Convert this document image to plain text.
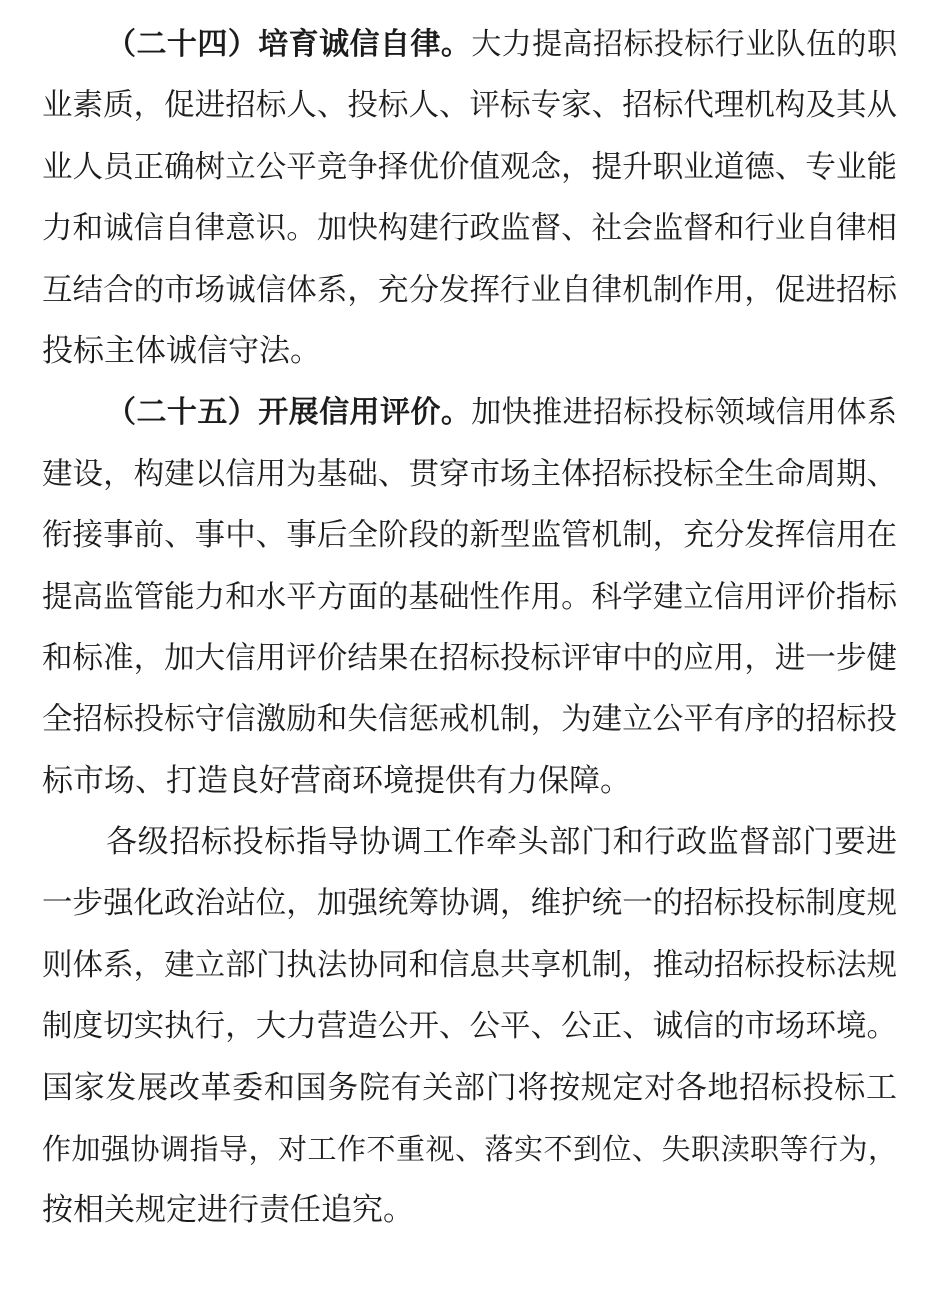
（二十四）培育诚信自律。大力提高招标投标行业队伍的职
业素质，促进招标人、投标人、评标专家、招标代理机构及其从
业人员正确树立公平竞争择优价值观念，提升职业道德、专业能
力和诚信自律意识。加快构建行政监督、社会监督和行业自律相
互结合的市场诚信体系，充分发挥行业自律机制作用，促进招标
投标主体诚信守法。
（二十五）开展信用评价。加快推进招标投标领域信用体系
建设，构建以信用为基础、贯穿市场主体招标投标全生命周期、
衔接事前、事中、事后全阶段的新型监管机制，充分发挥信用在
提高监管能力和水平方面的基础性作用。科学建立信用评价指标
和标准，加大信用评价结果在招标投标评审中的应用，进一步健
全招标投标守信激励和失信惩戒机制，为建立公平有序的招标投
标市场、打造良好营商环境提供有力保障。
各级招标投标指导协调工作牵头部门和行政监督部门要进
一步强化政治站位，加强统筹协调，维护统一的招标投标制度规
则体系，建立部门执法协同和信息共享机制，推动招标投标法规
制度切实执行，大力营造公开、公平、公正、诚信的市场环境。
国家发展改革委和国务院有关部门将按规定对各地招标投标工
作加强协调指导，对工作不重视、落实不到位、失职渎职等行为，
按相关规定进行责任追究。
